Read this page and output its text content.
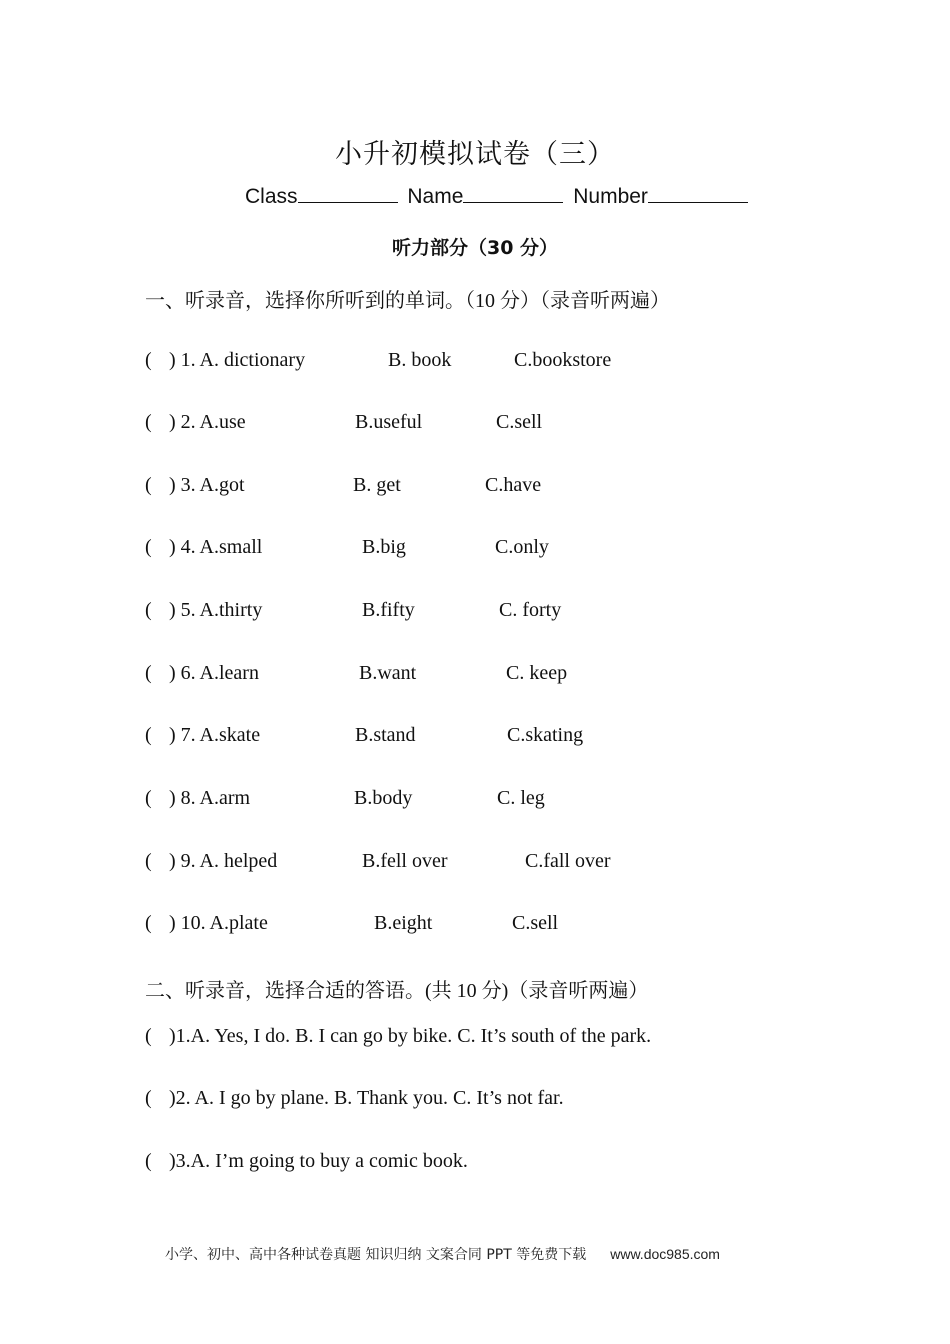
小升初模拟试卷（三）
Class	Name	Number
听力部分（30 分）
一、听录音，选择你所听到的单词。（10 分）（录音听两遍）
( ) 1. A. dictionary	B. book	C.bookstore
( ) 2. A.use	B.useful	C.sell
( ) 3. A.got	B. get	C.have
( ) 4. A.small	B.big	C.only
( ) 5. A.thirty	B.fifty	C. forty
( ) 6. A.learn	B.want	C. keep
( ) 7. A.skate	B.stand	C.skating
( ) 8. A.arm	B.body	C. leg
( ) 9. A. helped	B.fell over	C.fall over
( ) 10. A.plate	B.eight	C.sell
二、听录音，选择合适的答语。(共 10 分)（录音听两遍）
( )1.A. Yes, I do. B. I can go by bike. C. It’s south of the park.
( )2. A. I go by plane. B. Thank you. C. It’s not far.
( )3.A. I’m going to buy a comic book.
小学、初中、高中各种试卷真题 知识归纳 文案合同 PPT 等免费下载 www.doc985.com
